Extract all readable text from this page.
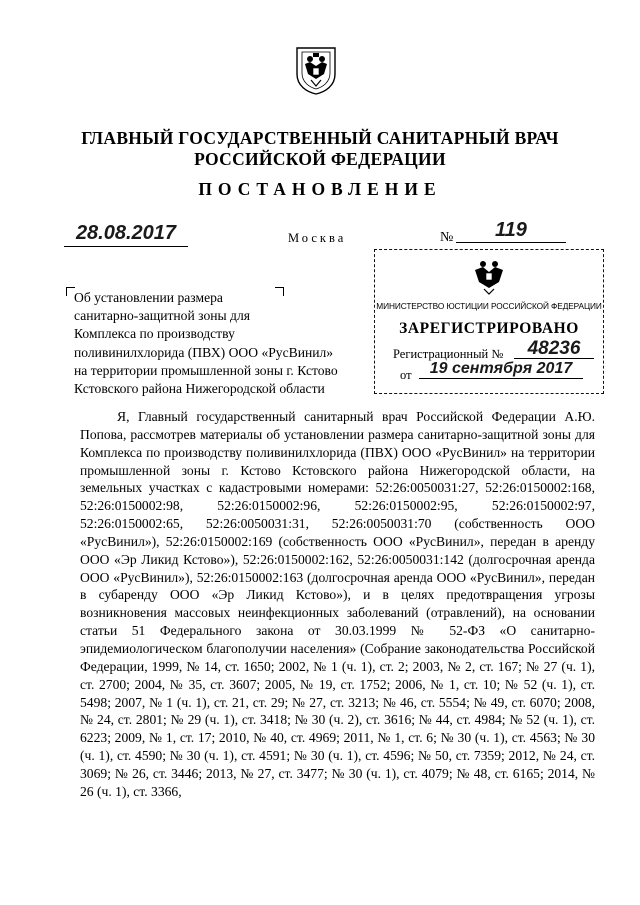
ГЛАВНЫЙ ГОСУДАРСТВЕННЫЙ САНИТАРНЫЙ ВРАЧ
РОССИЙСКОЙ ФЕДЕРАЦИИ
ПОСТАНОВЛЕНИЕ
28.08.2017	Москва	№	119
Об установлении размера
санитарно-защитной зоны для
Комплекса по производству
поливинилхлорида (ПВХ) ООО «РусВинил»
на территории промышленной зоны г. Кстово
Кстовского района Нижегородской области
МИНИСТЕРСТВО ЮСТИЦИИ РОССИЙСКОЙ ФЕДЕРАЦИИ
ЗАРЕГИСТРИРОВАНО
Регистрационный №	48236
от	19 сентября 2017

Я, Главный государственный санитарный врач Российской Федерации А.Ю. Попова, рассмотрев материалы об установлении размера санитарно-защитной зоны для Комплекса по производству поливинилхлорида (ПВХ) ООО «РусВинил» на территории промышленной зоны г. Кстово Кстовского района Нижегородской области, на земельных участках с кадастровыми номерами: 52:26:0050031:27, 52:26:0150002:168, 52:26:0150002:98, 52:26:0150002:96, 52:26:0150002:95, 52:26:0150002:97, 52:26:0150002:65, 52:26:0050031:31, 52:26:0050031:70 (собственность ООО «РусВинил»), 52:26:0150002:169 (собственность ООО «РусВинил», передан в аренду ООО «Эр Ликид Кстово»), 52:26:0150002:162, 52:26:0050031:142 (долгосрочная аренда ООО «РусВинил»), 52:26:0150002:163 (долгосрочная аренда ООО «РусВинил», передан в субаренду ООО «Эр Ликид Кстово»), и в целях предотвращения угрозы возникновения массовых неинфекционных заболеваний (отравлений), на основании статьи 51 Федерального закона от 30.03.1999 № 52-ФЗ «О санитарно-эпидемиологическом благополучии населения» (Собрание законодательства Российской Федерации, 1999, № 14, ст. 1650; 2002, № 1 (ч. 1), ст. 2; 2003, № 2, ст. 167; № 27 (ч. 1), ст. 2700; 2004, № 35, ст. 3607; 2005, № 19, ст. 1752; 2006, № 1, ст. 10; № 52 (ч. 1), ст. 5498; 2007, № 1 (ч. 1), ст. 21, ст. 29; № 27, ст. 3213; № 46, ст. 5554; № 49, ст. 6070; 2008, № 24, ст. 2801; № 29 (ч. 1), ст. 3418; № 30 (ч. 2), ст. 3616; № 44, ст. 4984; № 52 (ч. 1), ст. 6223; 2009, № 1, ст. 17; 2010, № 40, ст. 4969; 2011, № 1, ст. 6; № 30 (ч. 1), ст. 4563; № 30 (ч. 1), ст. 4590; № 30 (ч. 1), ст. 4591; № 30 (ч. 1), ст. 4596; № 50, ст. 7359; 2012, № 24, ст. 3069; № 26, ст. 3446; 2013, № 27, ст. 3477; № 30 (ч. 1), ст. 4079; № 48, ст. 6165; 2014, № 26 (ч. 1), ст. 3366,
